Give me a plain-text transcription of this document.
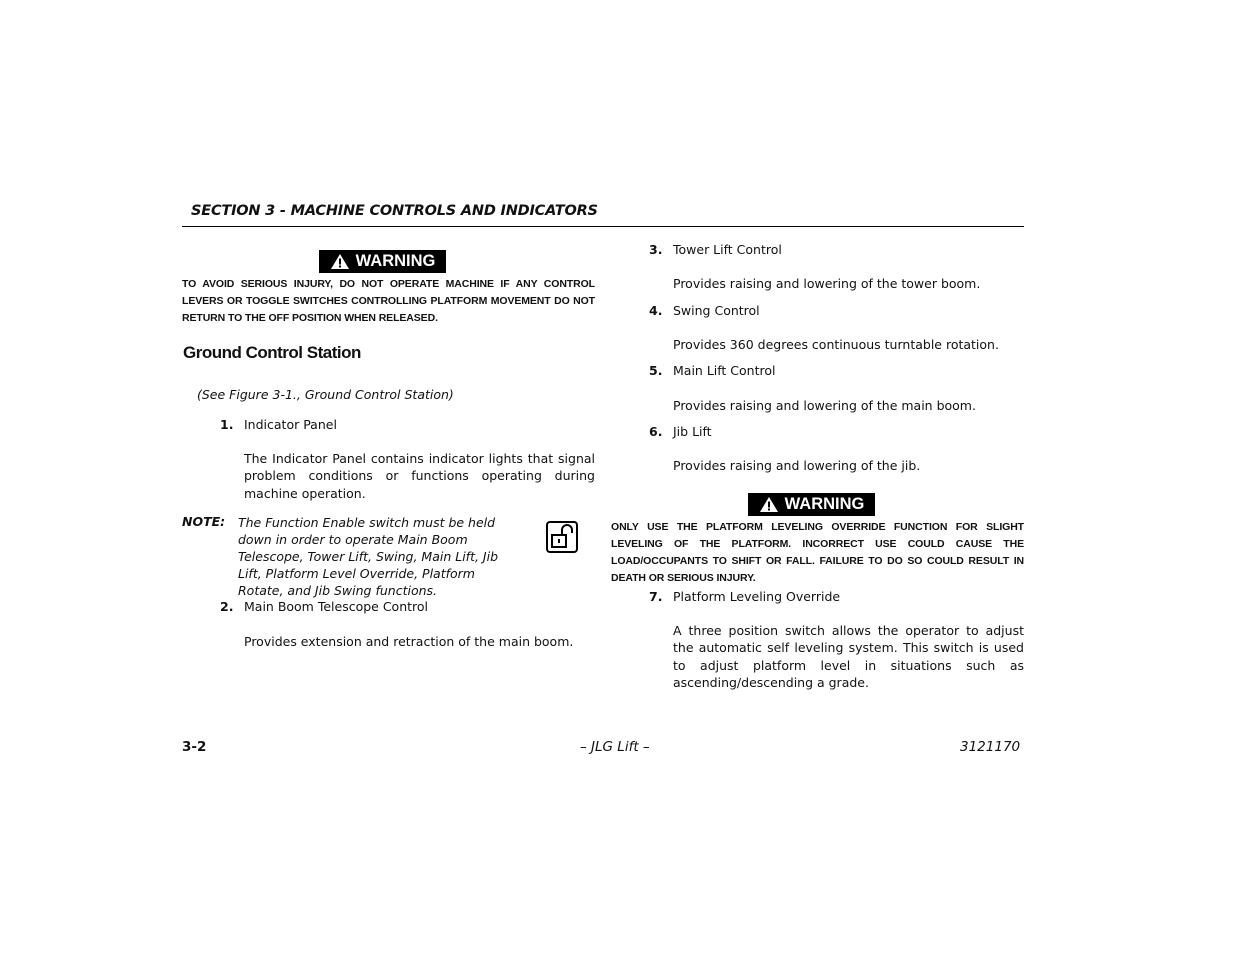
SECTION 3 - MACHINE CONTROLS AND INDICATORS
WARNING
TO AVOID SERIOUS INJURY, DO NOT OPERATE MACHINE IF ANY CONTROL LEVERS OR TOGGLE SWITCHES CONTROLLING PLATFORM MOVEMENT DO NOT RETURN TO THE OFF POSITION WHEN RELEASED.
Ground Control Station
(See Figure 3-1., Ground Control Station)
1. Indicator Panel
The Indicator Panel contains indicator lights that signal problem conditions or functions operating during machine operation.
NOTE: The Function Enable switch must be held down in order to operate Main Boom Telescope, Tower Lift, Swing, Main Lift, Jib Lift, Platform Level Override, Platform Rotate, and Jib Swing functions.
2. Main Boom Telescope Control
Provides extension and retraction of the main boom.
3. Tower Lift Control
Provides raising and lowering of the tower boom.
4. Swing Control
Provides 360 degrees continuous turntable rotation.
5. Main Lift Control
Provides raising and lowering of the main boom.
6. Jib Lift
Provides raising and lowering of the jib.
WARNING
ONLY USE THE PLATFORM LEVELING OVERRIDE FUNCTION FOR SLIGHT LEVELING OF THE PLATFORM. INCORRECT USE COULD CAUSE THE LOAD/OCCUPANTS TO SHIFT OR FALL. FAILURE TO DO SO COULD RESULT IN DEATH OR SERIOUS INJURY.
7. Platform Leveling Override
A three position switch allows the operator to adjust the automatic self leveling system. This switch is used to adjust platform level in situations such as ascending/descending a grade.
3-2	– JLG Lift –	3121170
